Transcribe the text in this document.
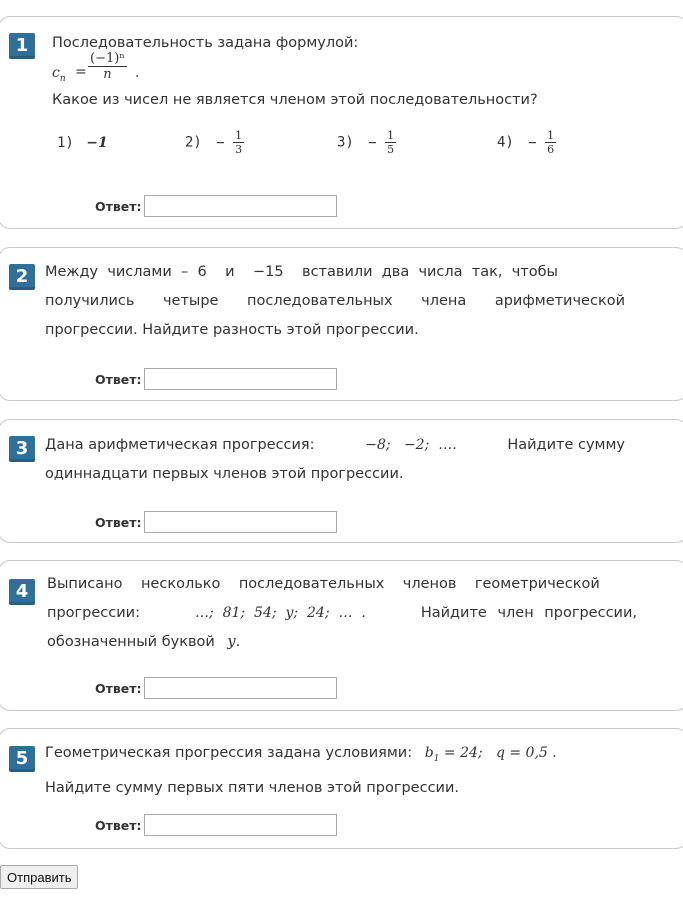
1	Последовательность задана формулой:
$c_n = \frac{\text{(−1)ⁿ}}{n}$ .
Какое из чисел не является членом этой последовательности?
1) −1	$2) - \frac{1}{3}$	$3) - \frac{1}{5}$	$4) - \frac{1}{6}$
Ответ:
2	Между  числами  –  6    и    −15    вставили  два  числа  так,  чтобы
получились четыре последовательных члена арифметической
прогрессии. Найдите разность этой прогрессии.
Ответ:
3	Дана арифметическая прогрессия:	−8;   −2;  ….	Найдите сумму
одиннадцати первых членов этой прогрессии.
Ответ:
4	Выписано    несколько    последовательных    членов    геометрической
прогрессии:	…;  81;  54;  y;  24;  …  .	Найдите член прогрессии,
обозначенный буквой y.
Ответ:
5	Геометрическая прогрессия задана условиями: $b_1 = 24$;   q = 0,5 .
Найдите сумму первых пяти членов этой прогрессии.
Ответ:
Отправить
